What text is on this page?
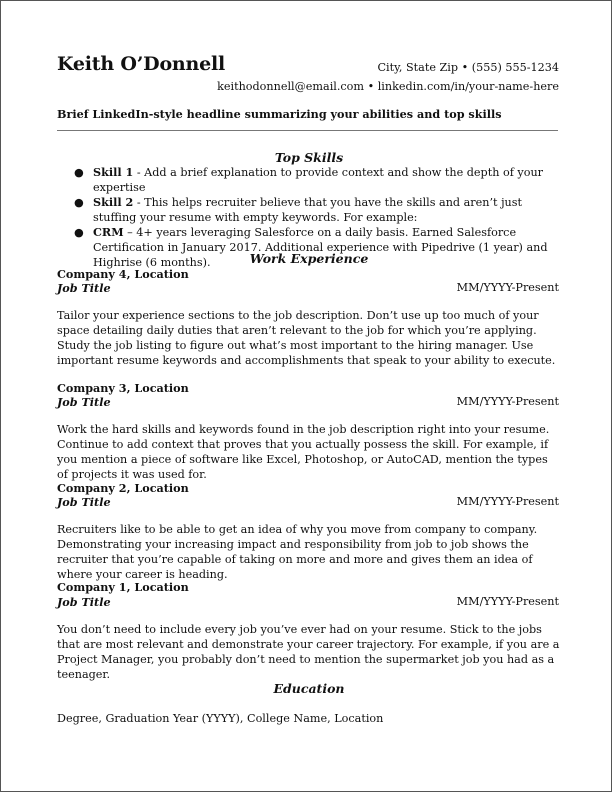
Keith O’Donnell	City, State Zip • (555) 555-1234
keithodonnell@email.com • linkedin.com/in/your-name-here
Brief LinkedIn-style headline summarizing your abilities and top skills
Top Skills
● Skill 1 - Add a brief explanation to provide context and show the depth of your expertise
● Skill 2 - This helps recruiter believe that you have the skills and aren’t just stuffing your resume with empty keywords. For example:
● CRM – 4+ years leveraging Salesforce on a daily basis. Earned Salesforce Certification in January 2017. Additional experience with Pipedrive (1 year) and Highrise (6 months).	Work Experience
Company 4, Location
Job Title	MM/YYYY-Present

Tailor your experience sections to the job description. Don’t use up too much of your space detailing daily duties that aren’t relevant to the job for which you’re applying. Study the job listing to figure out what’s most important to the hiring manager. Use important resume keywords and accomplishments that speak to your ability to execute.

Company 3, Location
Job Title	MM/YYYY-Present

Work the hard skills and keywords found in the job description right into your resume. Continue to add context that proves that you actually possess the skill. For example, if you mention a piece of software like Excel, Photoshop, or AutoCAD, mention the types of projects it was used for.

Company 2, Location
Job Title	MM/YYYY-Present

Recruiters like to be able to get an idea of why you move from company to company. Demonstrating your increasing impact and responsibility from job to job shows the recruiter that you’re capable of taking on more and more and gives them an idea of where your career is heading.

Company 1, Location
Job Title	MM/YYYY-Present

You don’t need to include every job you’ve ever had on your resume. Stick to the jobs that are most relevant and demonstrate your career trajectory. For example, if you are a Project Manager, you probably don’t need to mention the supermarket job you had as a teenager.

Education
Degree, Graduation Year (YYYY), College Name, Location
